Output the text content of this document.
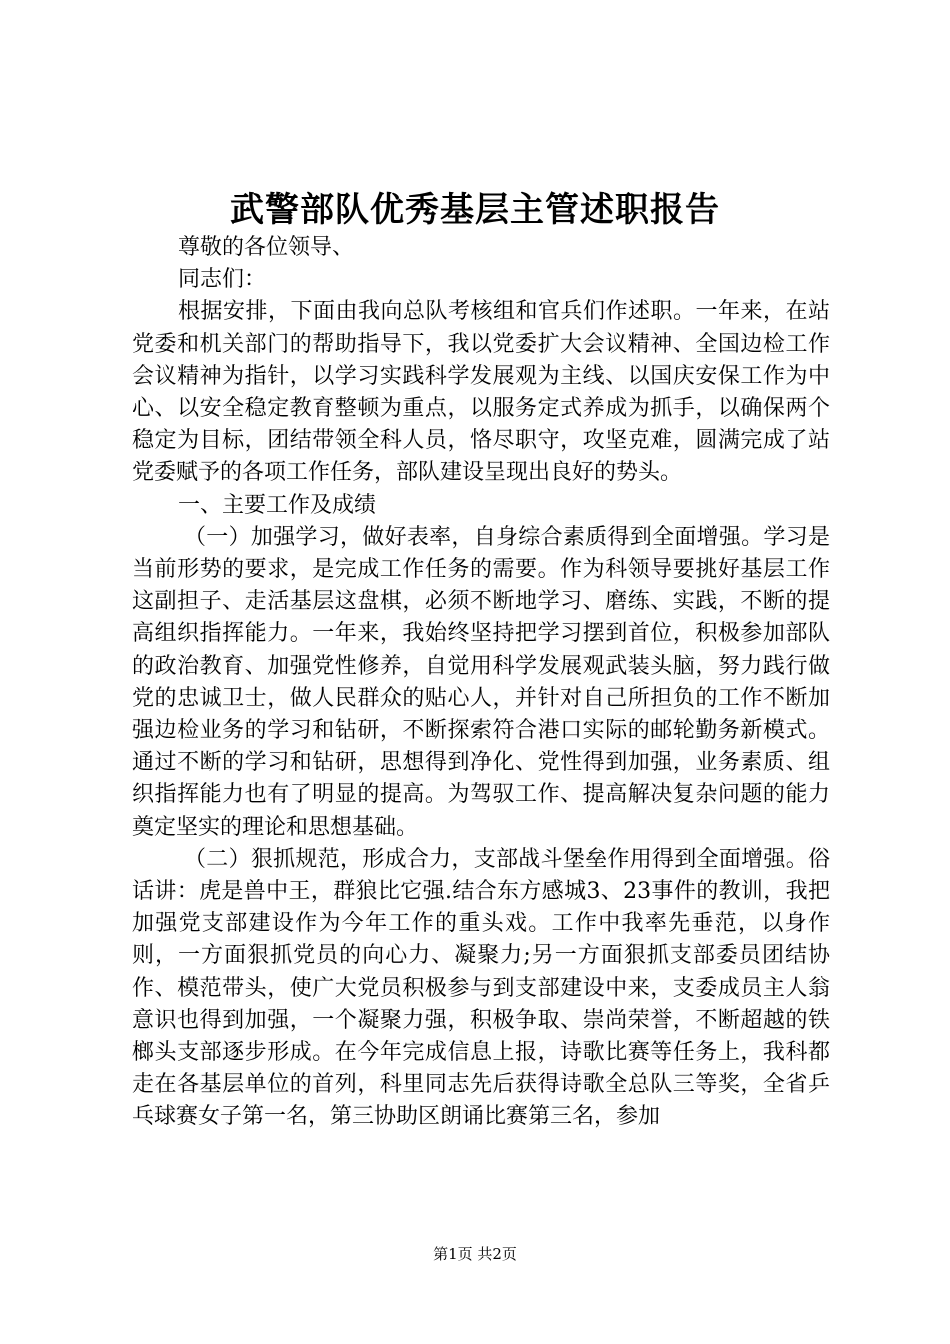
武警部队优秀基层主管述职报告

尊敬的各位领导、

同志们：

根据安排，下面由我向总队考核组和官兵们作述职。一年来，在站党委和机关部门的帮助指导下，我以党委扩大会议精神、全国边检工作会议精神为指针，以学习实践科学发展观为主线、以国庆安保工作为中心、以安全稳定教育整顿为重点，以服务定式养成为抓手，以确保两个稳定为目标，团结带领全科人员，恪尽职守，攻坚克难，圆满完成了站党委赋予的各项工作任务，部队建设呈现出良好的势头。

一、主要工作及成绩

（一）加强学习，做好表率，自身综合素质得到全面增强。学习是当前形势的要求，是完成工作任务的需要。作为科领导要挑好基层工作这副担子、走活基层这盘棋，必须不断地学习、磨练、实践，不断的提高组织指挥能力。一年来，我始终坚持把学习摆到首位，积极参加部队的政治教育、加强党性修养，自觉用科学发展观武装头脑，努力践行做党的忠诚卫士，做人民群众的贴心人，并针对自己所担负的工作不断加强边检业务的学习和钻研，不断探索符合港口实际的邮轮勤务新模式。通过不断的学习和钻研，思想得到净化、党性得到加强，业务素质、组织指挥能力也有了明显的提高。为驾驭工作、提高解决复杂问题的能力奠定坚实的理论和思想基础。

（二）狠抓规范，形成合力，支部战斗堡垒作用得到全面增强。俗话讲：虎是兽中王，群狼比它强.结合东方感城3、23事件的教训，我把加强党支部建设作为今年工作的重头戏。工作中我率先垂范，以身作则，一方面狠抓党员的向心力、凝聚力;另一方面狠抓支部委员团结协作、模范带头，使广大党员积极参与到支部建设中来，支委成员主人翁意识也得到加强，一个凝聚力强，积极争取、崇尚荣誉，不断超越的铁榔头支部逐步形成。在今年完成信息上报，诗歌比赛等任务上，我科都走在各基层单位的首列，科里同志先后获得诗歌全总队三等奖，全省乒乓球赛女子第一名，第三协助区朗诵比赛第三名，参加

第1页 共2页
